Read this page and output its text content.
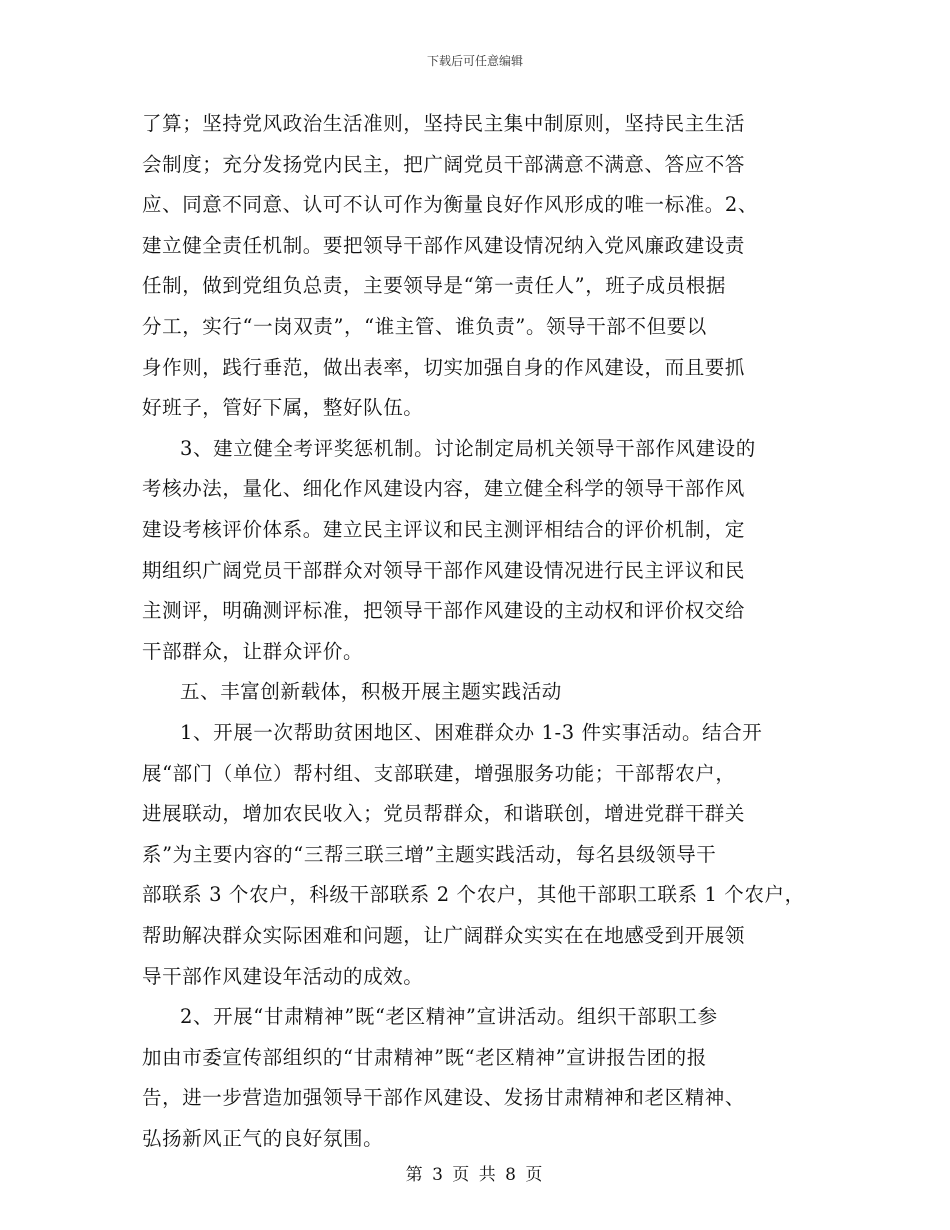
下载后可任意编辑
了算；坚持党风政治生活准则，坚持民主集中制原则，坚持民主生活
会制度；充分发扬党内民主，把广阔党员干部满意不满意、答应不答
应、同意不同意、认可不认可作为衡量良好作风形成的唯一标准。2、
建立健全责任机制。要把领导干部作风建设情况纳入党风廉政建设责
任制，做到党组负总责，主要领导是“第一责任人”，班子成员根据
分工，实行“一岗双责”，“谁主管、谁负责”。领导干部不但要以
身作则，践行垂范，做出表率，切实加强自身的作风建设，而且要抓
好班子，管好下属，整好队伍。
3、建立健全考评奖惩机制。讨论制定局机关领导干部作风建设的
考核办法，量化、细化作风建设内容，建立健全科学的领导干部作风
建设考核评价体系。建立民主评议和民主测评相结合的评价机制，定
期组织广阔党员干部群众对领导干部作风建设情况进行民主评议和民
主测评，明确测评标准，把领导干部作风建设的主动权和评价权交给
干部群众，让群众评价。
五、丰富创新载体，积极开展主题实践活动
1、开展一次帮助贫困地区、困难群众办 1-3 件实事活动。结合开
展“部门（单位）帮村组、支部联建，增强服务功能；干部帮农户，
进展联动，增加农民收入；党员帮群众，和谐联创，增进党群干群关
系”为主要内容的“三帮三联三增”主题实践活动，每名县级领导干
部联系 3 个农户，科级干部联系 2 个农户，其他干部职工联系 1 个农户，
帮助解决群众实际困难和问题，让广阔群众实实在在地感受到开展领
导干部作风建设年活动的成效。
2、开展“甘肃精神”既“老区精神”宣讲活动。组织干部职工参
加由市委宣传部组织的“甘肃精神”既“老区精神”宣讲报告团的报
告，进一步营造加强领导干部作风建设、发扬甘肃精神和老区精神、
弘扬新风正气的良好氛围。
第 3 页 共 8 页
